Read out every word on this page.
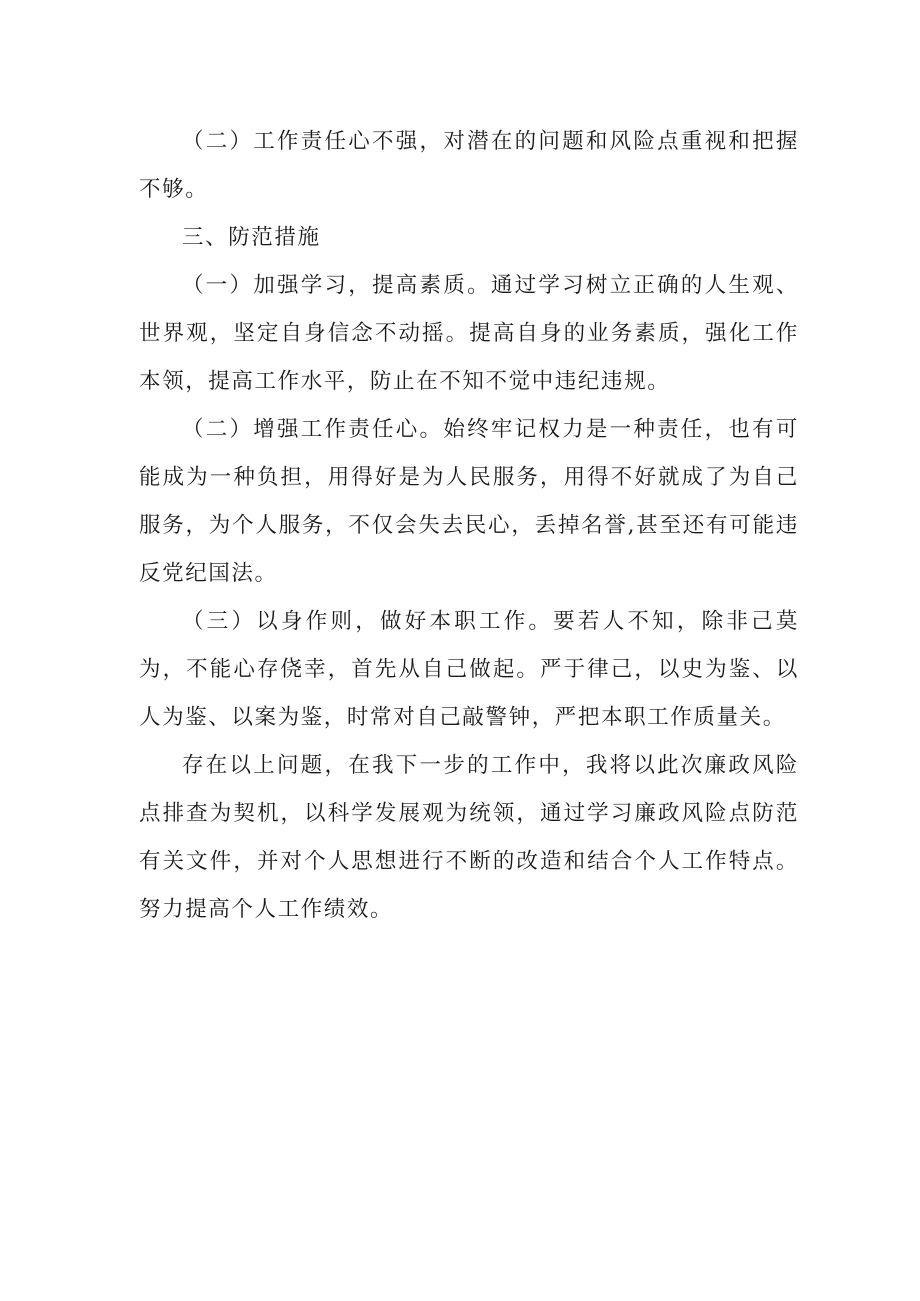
（二）工作责任心不强，对潜在的问题和风险点重视和把握不够。

三、防范措施

（一）加强学习，提高素质。通过学习树立正确的人生观、世界观，坚定自身信念不动摇。提高自身的业务素质，强化工作本领，提高工作水平，防止在不知不觉中违纪违规。

（二）增强工作责任心。始终牢记权力是一种责任，也有可能成为一种负担，用得好是为人民服务，用得不好就成了为自己服务，为个人服务，不仅会失去民心，丢掉名誉,甚至还有可能违反党纪国法。

（三）以身作则，做好本职工作。要若人不知，除非己莫为，不能心存侥幸，首先从自己做起。严于律己，以史为鉴、以人为鉴、以案为鉴，时常对自己敲警钟，严把本职工作质量关。

存在以上问题，在我下一步的工作中，我将以此次廉政风险点排查为契机，以科学发展观为统领，通过学习廉政风险点防范有关文件，并对个人思想进行不断的改造和结合个人工作特点。努力提高个人工作绩效。
